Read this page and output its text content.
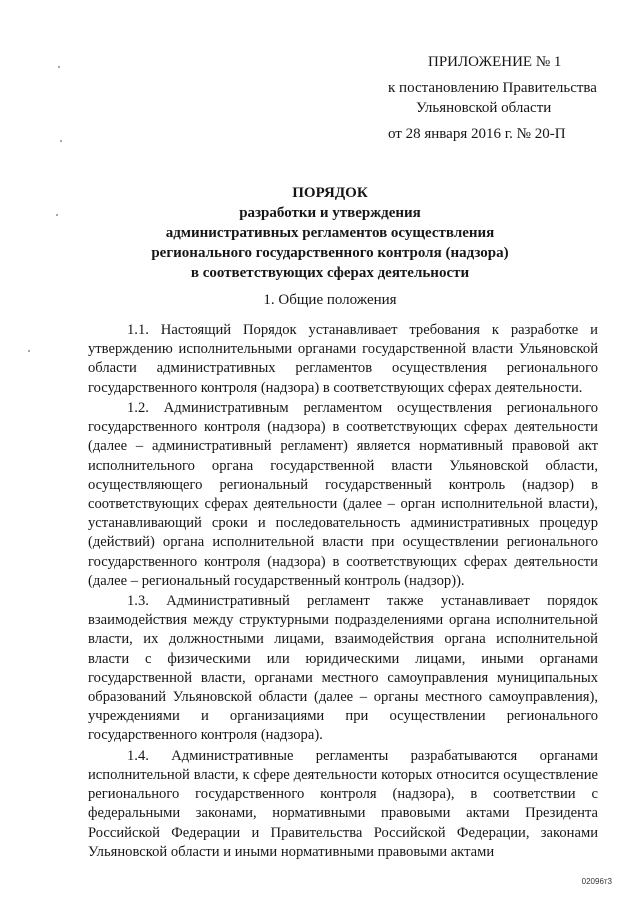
ПРИЛОЖЕНИЕ № 1
к постановлению Правительства
Ульяновской области
от 28 января 2016 г. № 20-П
ПОРЯДОК
разработки и утверждения
административных регламентов осуществления
регионального государственного контроля (надзора)
в соответствующих сферах деятельности
1. Общие положения

1.1. Настоящий Порядок устанавливает требования к разработке и утверждению исполнительными органами государственной власти Ульяновской области административных регламентов осуществления регионального государственного контроля (надзора) в соответствующих сферах деятельности.

1.2. Административным регламентом осуществления регионального государственного контроля (надзора) в соответствующих сферах деятельности (далее – административный регламент) является нормативный правовой акт исполнительного органа государственной власти Ульяновской области, осуществляющего региональный государственный контроль (надзор) в соответствующих сферах деятельности (далее – орган исполнительной власти), устанавливающий сроки и последовательность административных процедур (действий) органа исполнительной власти при осуществлении регионального государственного контроля (надзора) в соответствующих сферах деятельности (далее – региональный государственный контроль (надзор)).

1.3. Административный регламент также устанавливает порядок взаимодействия между структурными подразделениями органа исполнительной власти, их должностными лицами, взаимодействия органа исполнительной власти с физическими или юридическими лицами, иными органами государственной власти, органами местного самоуправления муниципальных образований Ульяновской области (далее – органы местного самоуправления), учреждениями и организациями при осуществлении регионального государственного контроля (надзора).

1.4. Административные регламенты разрабатываются органами исполнительной власти, к сфере деятельности которых относится осуществление регионального государственного контроля (надзора), в соответствии с федеральными законами, нормативными правовыми актами Президента Российской Федерации и Правительства Российской Федерации, законами Ульяновской области и иными нормативными правовыми актами

02096т3
